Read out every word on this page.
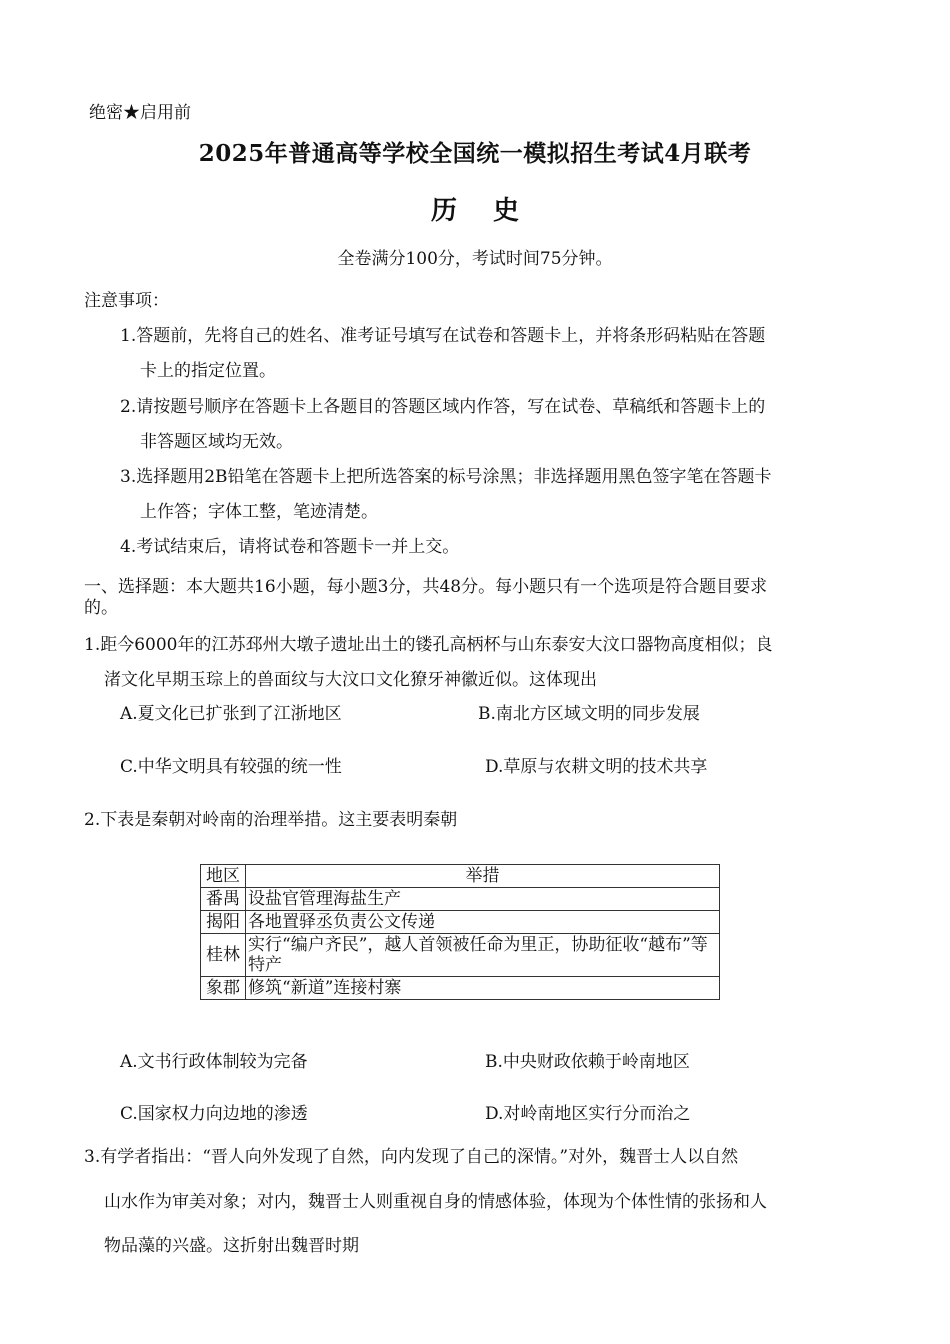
绝密★启用前
2025年普通高等学校全国统一模拟招生考试4月联考
历史
全卷满分100分，考试时间75分钟。
注意事项：
1.答题前，先将自己的姓名、准考证号填写在试卷和答题卡上，并将条形码粘贴在答题
卡上的指定位置。
2.请按题号顺序在答题卡上各题目的答题区域内作答，写在试卷、草稿纸和答题卡上的
非答题区域均无效。
3.选择题用2B铅笔在答题卡上把所选答案的标号涂黑；非选择题用黑色签字笔在答题卡
上作答；字体工整，笔迹清楚。
4.考试结束后，请将试卷和答题卡一并上交。
一、选择题：本大题共16小题，每小题3分，共48分。每小题只有一个选项是符合题目要求
的。
1.距今6000年的江苏邳州大墩子遗址出土的镂孔高柄杯与山东泰安大汶口器物高度相似；良
渚文化早期玉琮上的兽面纹与大汶口文化獠牙神徽近似。这体现出
A.夏文化已扩张到了江浙地区	B.南北方区域文明的同步发展
C.中华文明具有较强的统一性	D.草原与农耕文明的技术共享
2.下表是秦朝对岭南的治理举措。这主要表明秦朝
地区	举措
番禺	设盐官管理海盐生产
揭阳	各地置驿丞负责公文传递
桂林	实行“编户齐民”，越人首领被任命为里正，协助征收“越布”等特产
象郡	修筑“新道”连接村寨
A.文书行政体制较为完备	B.中央财政依赖于岭南地区
C.国家权力向边地的渗透	D.对岭南地区实行分而治之
3.有学者指出：“晋人向外发现了自然，向内发现了自己的深情。”对外，魏晋士人以自然
山水作为审美对象；对内，魏晋士人则重视自身的情感体验，体现为个体性情的张扬和人
物品藻的兴盛。这折射出魏晋时期
